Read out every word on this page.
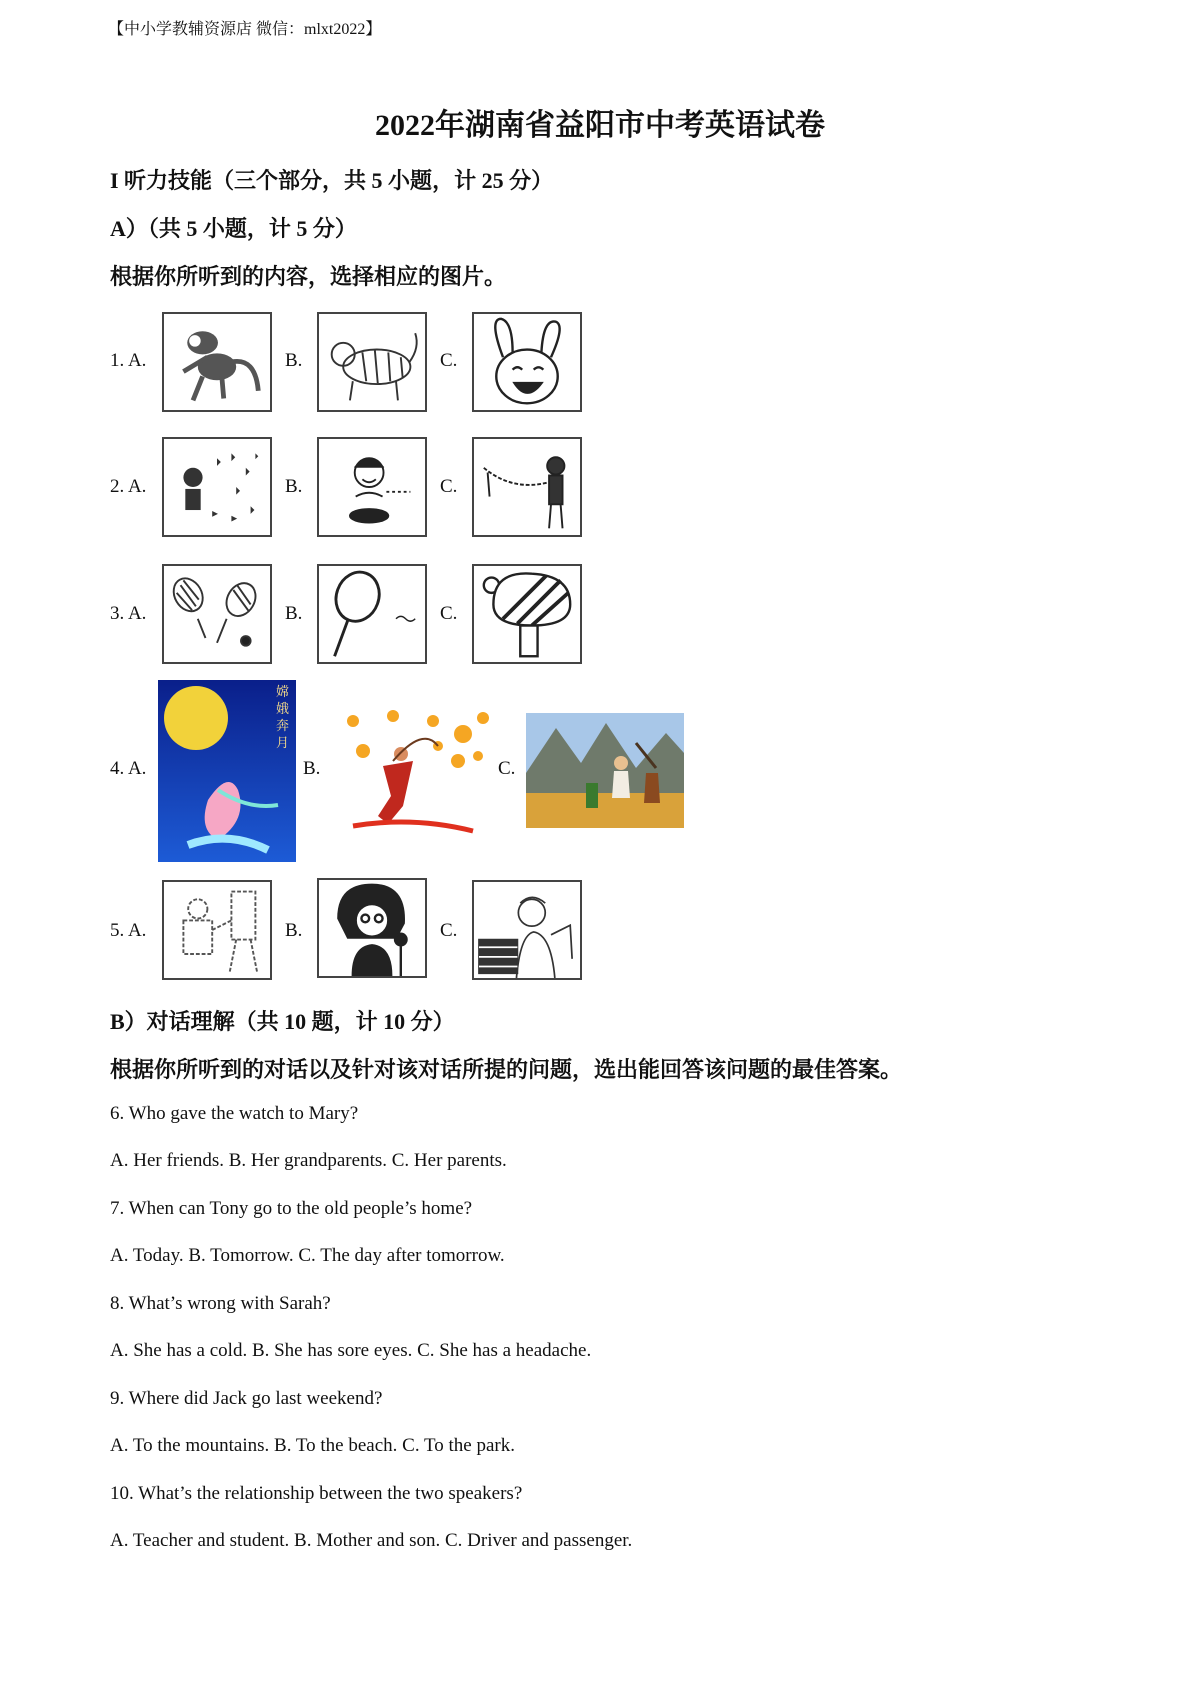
【中小学教辅资源店 微信：mlxt2022】
2022年湖南省益阳市中考英语试卷
I 听力技能（三个部分，共 5 小题，计 25 分）
A）（共 5 小题，计 5 分）
根据你所听到的内容，选择相应的图片。
1. A.	B.	C.
2. A.	B.	C.
3. A.	B.	C.
4. A.
嫦娥奔月
B.	C.
5. A.	B.	C.
B）对话理解（共 10 题，计 10 分）
根据你所听到的对话以及针对该对话所提的问题，选出能回答该问题的最佳答案。
6. Who gave the watch to Mary?
A. Her friends. B. Her grandparents. C. Her parents.
7. When can Tony go to the old people’s home?
A. Today. B. Tomorrow. C. The day after tomorrow.
8. What’s wrong with Sarah?
A. She has a cold. B. She has sore eyes. C. She has a headache.
9. Where did Jack go last weekend?
A. To the mountains. B. To the beach. C. To the park.
10. What’s the relationship between the two speakers?
A. Teacher and student. B. Mother and son. C. Driver and passenger.
